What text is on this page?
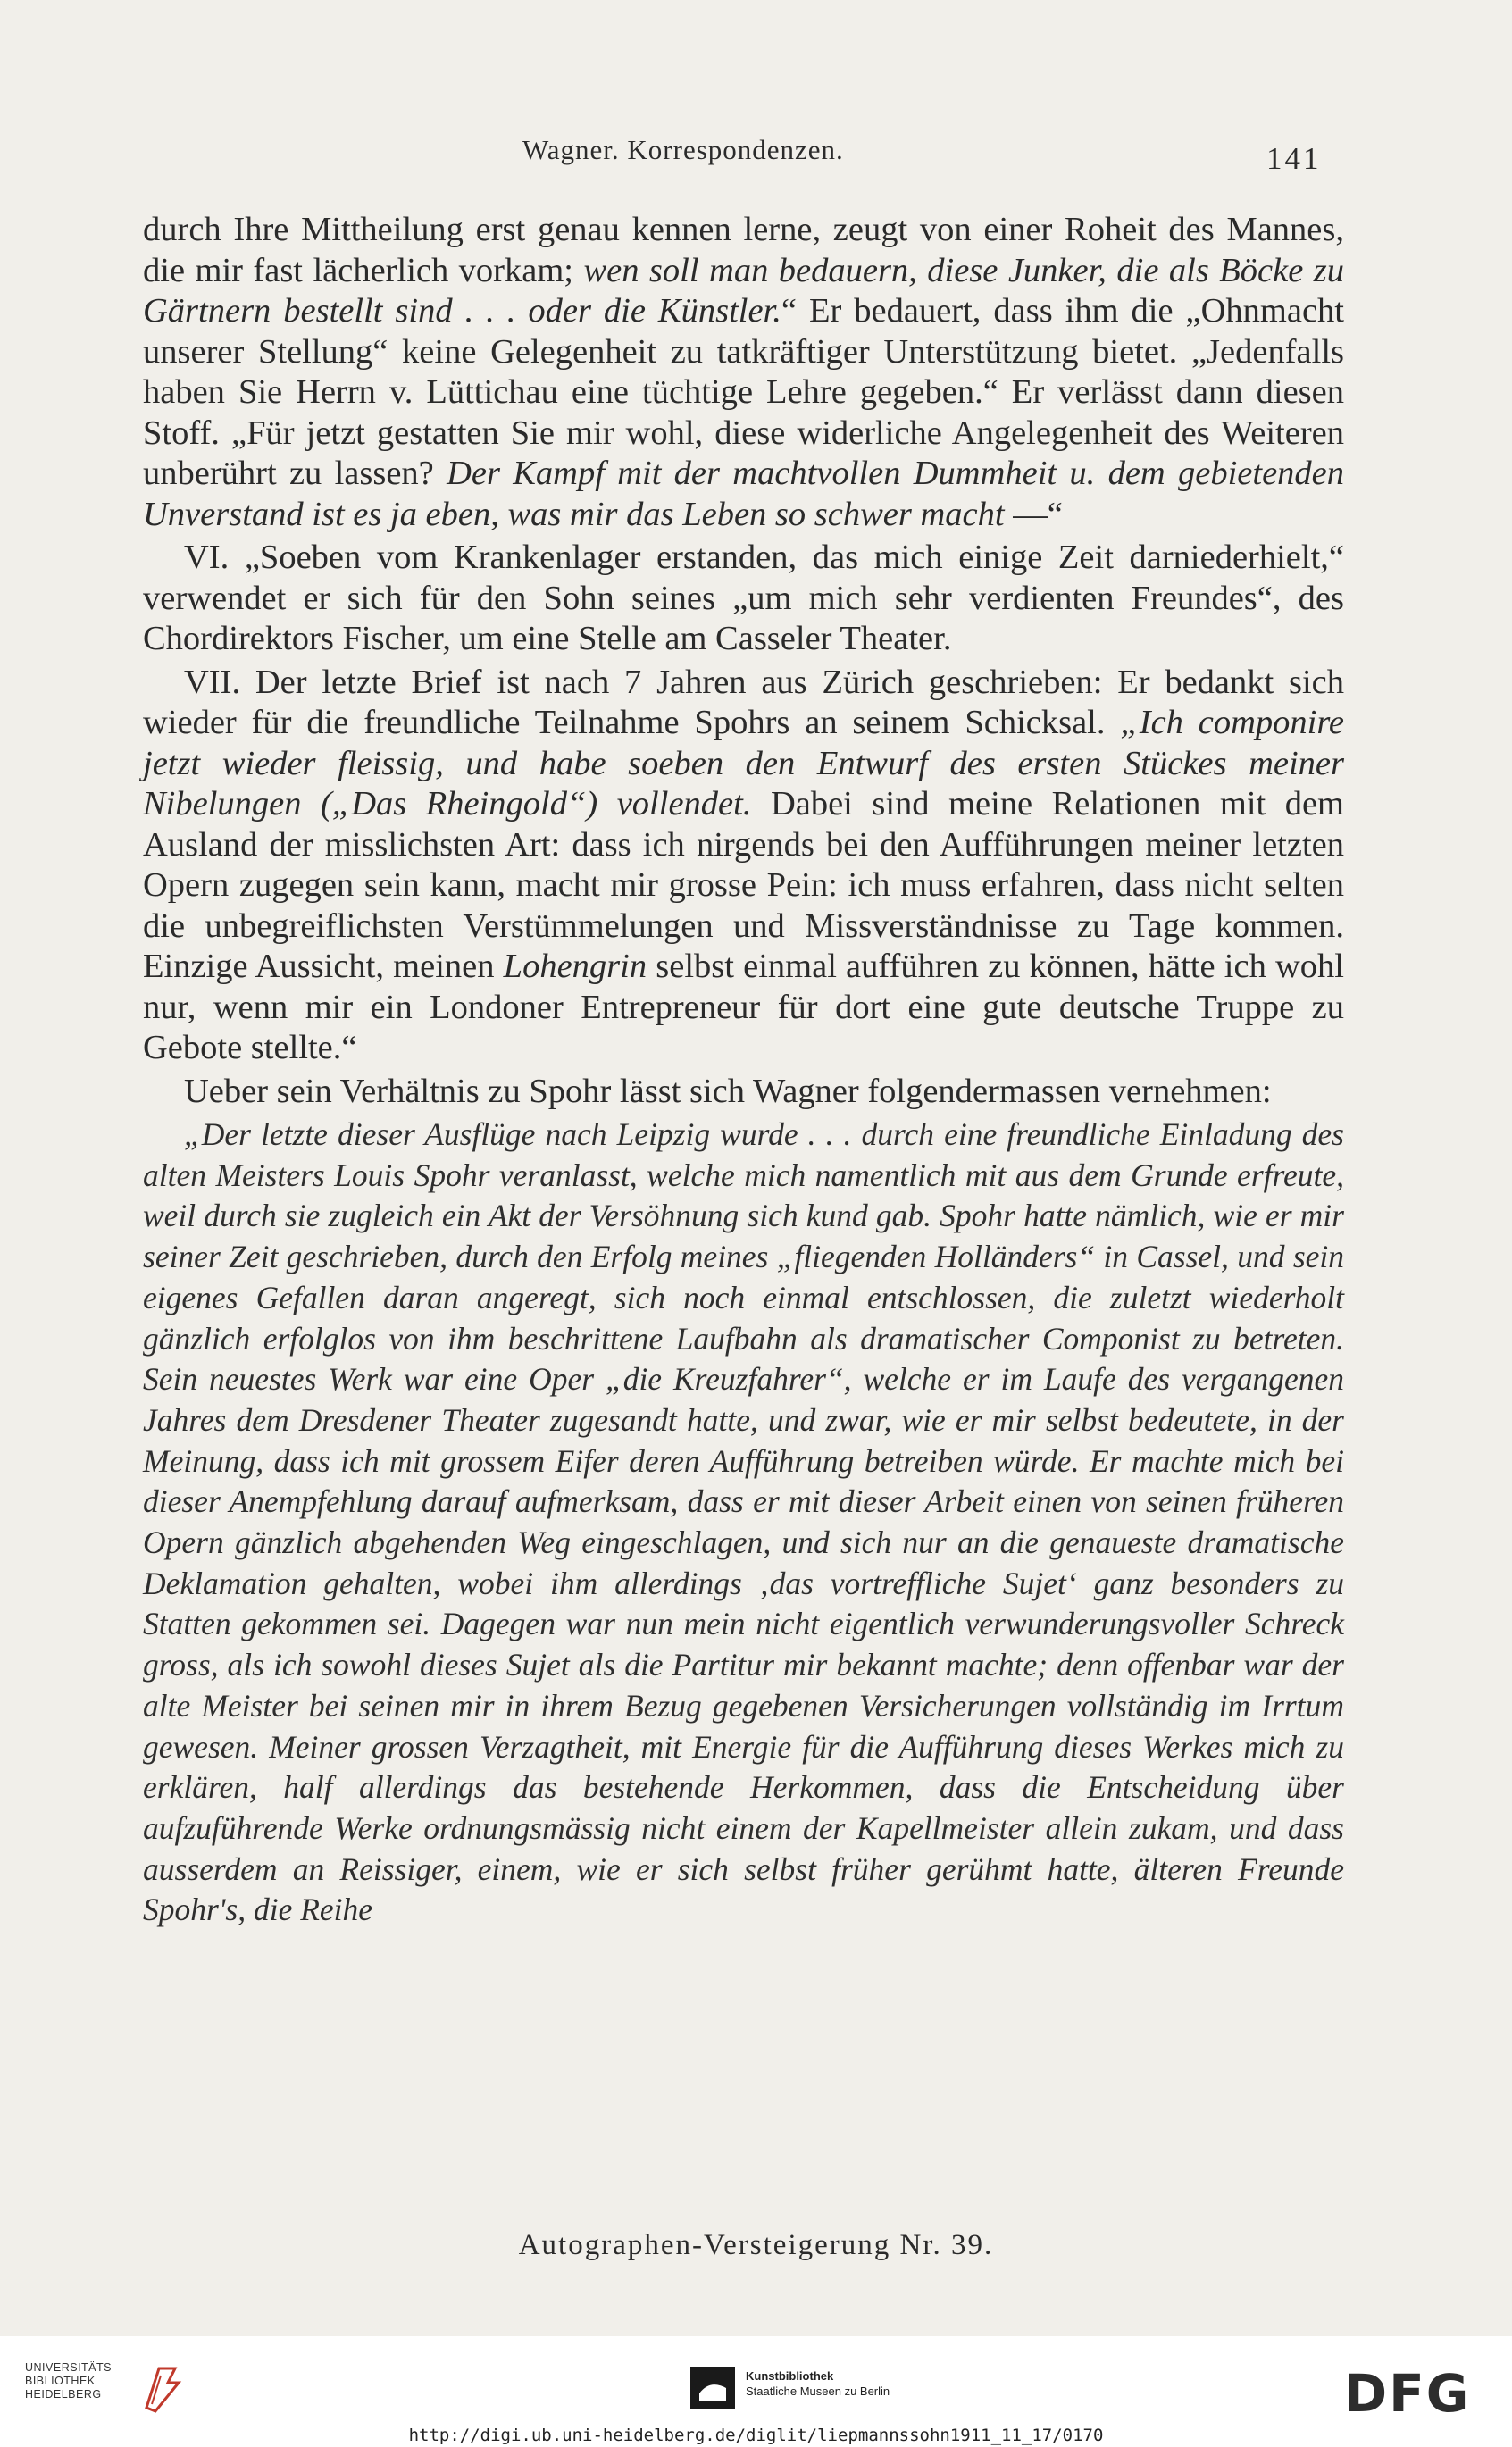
Wagner. Korrespondenzen.	141

durch Ihre Mittheilung erst genau kennen lerne, zeugt von einer Roheit des Mannes, die mir fast lächerlich vorkam; wen soll man bedauern, diese Junker, die als Böcke zu Gärtnern bestellt sind . . . oder die Künstler.“ Er bedauert, dass ihm die „Ohnmacht unserer Stellung“ keine Gelegenheit zu tatkräftiger Unterstützung bietet. „Jedenfalls haben Sie Herrn v. Lüttichau eine tüchtige Lehre gegeben.“ Er verlässt dann diesen Stoff. „Für jetzt gestatten Sie mir wohl, diese widerliche Angelegenheit des Weiteren unberührt zu lassen? Der Kampf mit der machtvollen Dummheit u. dem gebietenden Unverstand ist es ja eben, was mir das Leben so schwer macht —“

VI. „Soeben vom Krankenlager erstanden, das mich einige Zeit darniederhielt,“ verwendet er sich für den Sohn seines „um mich sehr verdienten Freundes“, des Chordirektors Fischer, um eine Stelle am Casseler Theater.

VII. Der letzte Brief ist nach 7 Jahren aus Zürich geschrieben: Er bedankt sich wieder für die freundliche Teilnahme Spohrs an seinem Schicksal. „Ich componire jetzt wieder fleissig, und habe soeben den Entwurf des ersten Stückes meiner Nibelungen („Das Rheingold“) vollendet. Dabei sind meine Relationen mit dem Ausland der misslichsten Art: dass ich nirgends bei den Aufführungen meiner letzten Opern zugegen sein kann, macht mir grosse Pein: ich muss erfahren, dass nicht selten die unbegreiflichsten Verstümmelungen und Missverständnisse zu Tage kommen. Einzige Aussicht, meinen Lohengrin selbst einmal aufführen zu können, hätte ich wohl nur, wenn mir ein Londoner Entrepreneur für dort eine gute deutsche Truppe zu Gebote stellte.“

Ueber sein Verhältnis zu Spohr lässt sich Wagner folgendermassen vernehmen:

„Der letzte dieser Ausflüge nach Leipzig wurde . . . durch eine freundliche Einladung des alten Meisters Louis Spohr veranlasst, welche mich namentlich mit aus dem Grunde erfreute, weil durch sie zugleich ein Akt der Versöhnung sich kund gab. Spohr hatte nämlich, wie er mir seiner Zeit geschrieben, durch den Erfolg meines „fliegenden Holländers“ in Cassel, und sein eigenes Gefallen daran angeregt, sich noch einmal entschlossen, die zuletzt wiederholt gänzlich erfolglos von ihm beschrittene Laufbahn als dramatischer Componist zu betreten. Sein neuestes Werk war eine Oper „die Kreuzfahrer“, welche er im Laufe des vergangenen Jahres dem Dresdener Theater zugesandt hatte, und zwar, wie er mir selbst bedeutete, in der Meinung, dass ich mit grossem Eifer deren Aufführung betreiben würde. Er machte mich bei dieser Anempfehlung darauf aufmerksam, dass er mit dieser Arbeit einen von seinen früheren Opern gänzlich abgehenden Weg eingeschlagen, und sich nur an die genaueste dramatische Deklamation gehalten, wobei ihm allerdings ‚das vortreffliche Sujet‘ ganz besonders zu Statten gekommen sei. Dagegen war nun mein nicht eigentlich verwunderungsvoller Schreck gross, als ich sowohl dieses Sujet als die Partitur mir bekannt machte; denn offenbar war der alte Meister bei seinen mir in ihrem Bezug gegebenen Versicherungen vollständig im Irrtum gewesen. Meiner grossen Verzagtheit, mit Energie für die Aufführung dieses Werkes mich zu erklären, half allerdings das bestehende Herkommen, dass die Entscheidung über aufzuführende Werke ordnungsmässig nicht einem der Kapellmeister allein zukam, und dass ausserdem an Reissiger, einem, wie er sich selbst früher gerühmt hatte, älteren Freunde Spohr's, die Reihe

Autographen-Versteigerung Nr. 39.
UNIVERSITÄTS-
BIBLIOTHEK
HEIDELBERG
Kunstbibliothek
Staatliche Museen zu Berlin	DFG
http://digi.ub.uni-heidelberg.de/diglit/liepmannssohn1911_11_17/0170
